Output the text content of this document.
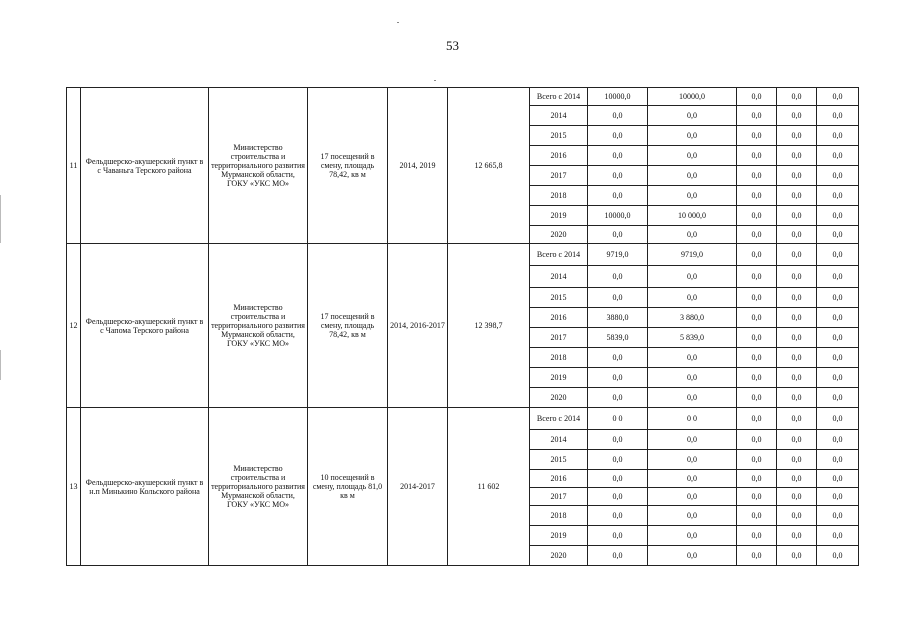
53
11	Фельдшерско-акушерский пункт в с Чаваньга Терского района	Министерство строительства и территориального развития Мурманской области, ГОКУ «УКС МО»	17 посещений в смену, площадь 78,42, кв м	2014, 2019	12 665,8	Всего с 2014	10000,0	10000,0	0,0	0,0	0,0
						2014	0,0	0,0	0,0	0,0	0,0
						2015	0,0	0,0	0,0	0,0	0,0
						2016	0,0	0,0	0,0	0,0	0,0
						2017	0,0	0,0	0,0	0,0	0,0
						2018	0,0	0,0	0,0	0,0	0,0
						2019	10000,0	10 000,0	0,0	0,0	0,0
						2020	0,0	0,0	0,0	0,0	0,0
12	Фельдшерско-акушерский пункт в с Чапома Терского района	Министерство строительства и территориального развития Мурманской области, ГОКУ «УКС МО»	17 посещений в смену, площадь 78,42, кв м	2014, 2016-2017	12 398,7	Всего с 2014	9719,0	9719,0	0,0	0,0	0,0
						2014	0,0	0,0	0,0	0,0	0,0
						2015	0,0	0,0	0,0	0,0	0,0
						2016	3880,0	3 880,0	0,0	0,0	0,0
						2017	5839,0	5 839,0	0,0	0,0	0,0
						2018	0,0	0,0	0,0	0,0	0,0
						2019	0,0	0,0	0,0	0,0	0,0
						2020	0,0	0,0	0,0	0,0	0,0
13	Фельдшерско-акушерский пункт в н.п Минькино Кольского района	Министерство строительства и территориального развития Мурманской области, ГОКУ «УКС МО»	10 посещений в смену, площадь 81,0 кв м	2014-2017	11 602	Всего с 2014	0 0	0 0	0,0	0,0	0,0
						2014	0,0	0,0	0,0	0,0	0,0
						2015	0,0	0,0	0,0	0,0	0,0
						2016	0,0	0,0	0,0	0,0	0,0
						2017	0,0	0,0	0,0	0,0	0,0
						2018	0,0	0,0	0,0	0,0	0,0
						2019	0,0	0,0	0,0	0,0	0,0
						2020	0,0	0,0	0,0	0,0	0,0
